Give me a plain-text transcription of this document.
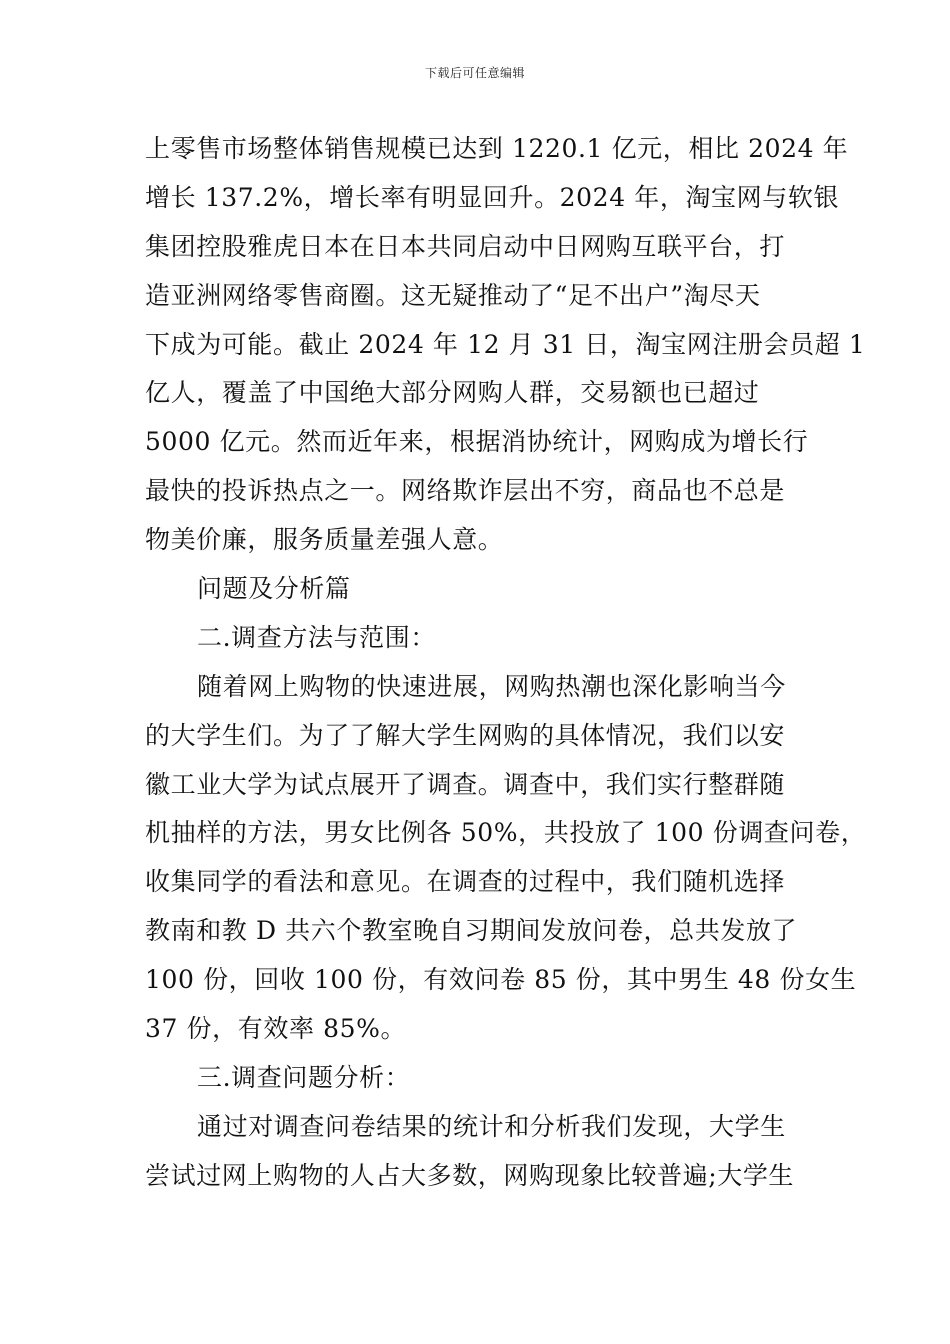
下载后可任意编辑
上零售市场整体销售规模已达到 1220.1 亿元，相比 2024 年
增长 137.2%，增长率有明显回升。2024 年，淘宝网与软银
集团控股雅虎日本在日本共同启动中日网购互联平台，打
造亚洲网络零售商圈。这无疑推动了“足不出户”淘尽天
下成为可能。截止 2024 年 12 月 31 日，淘宝网注册会员超 1
亿人，覆盖了中国绝大部分网购人群，交易额也已超过
5000 亿元。然而近年来，根据消协统计，网购成为增长行
最快的投诉热点之一。网络欺诈层出不穷，商品也不总是
物美价廉，服务质量差强人意。
问题及分析篇
二.调查方法与范围：
随着网上购物的快速进展，网购热潮也深化影响当今
的大学生们。为了了解大学生网购的具体情况，我们以安
徽工业大学为试点展开了调查。调查中，我们实行整群随
机抽样的方法，男女比例各 50%，共投放了 100 份调查问卷，
收集同学的看法和意见。在调查的过程中，我们随机选择
教南和教 D 共六个教室晚自习期间发放问卷，总共发放了
100 份，回收 100 份，有效问卷 85 份，其中男生 48 份女生
37 份，有效率 85%。
三.调查问题分析：
通过对调查问卷结果的统计和分析我们发现，大学生
尝试过网上购物的人占大多数，网购现象比较普遍;大学生
